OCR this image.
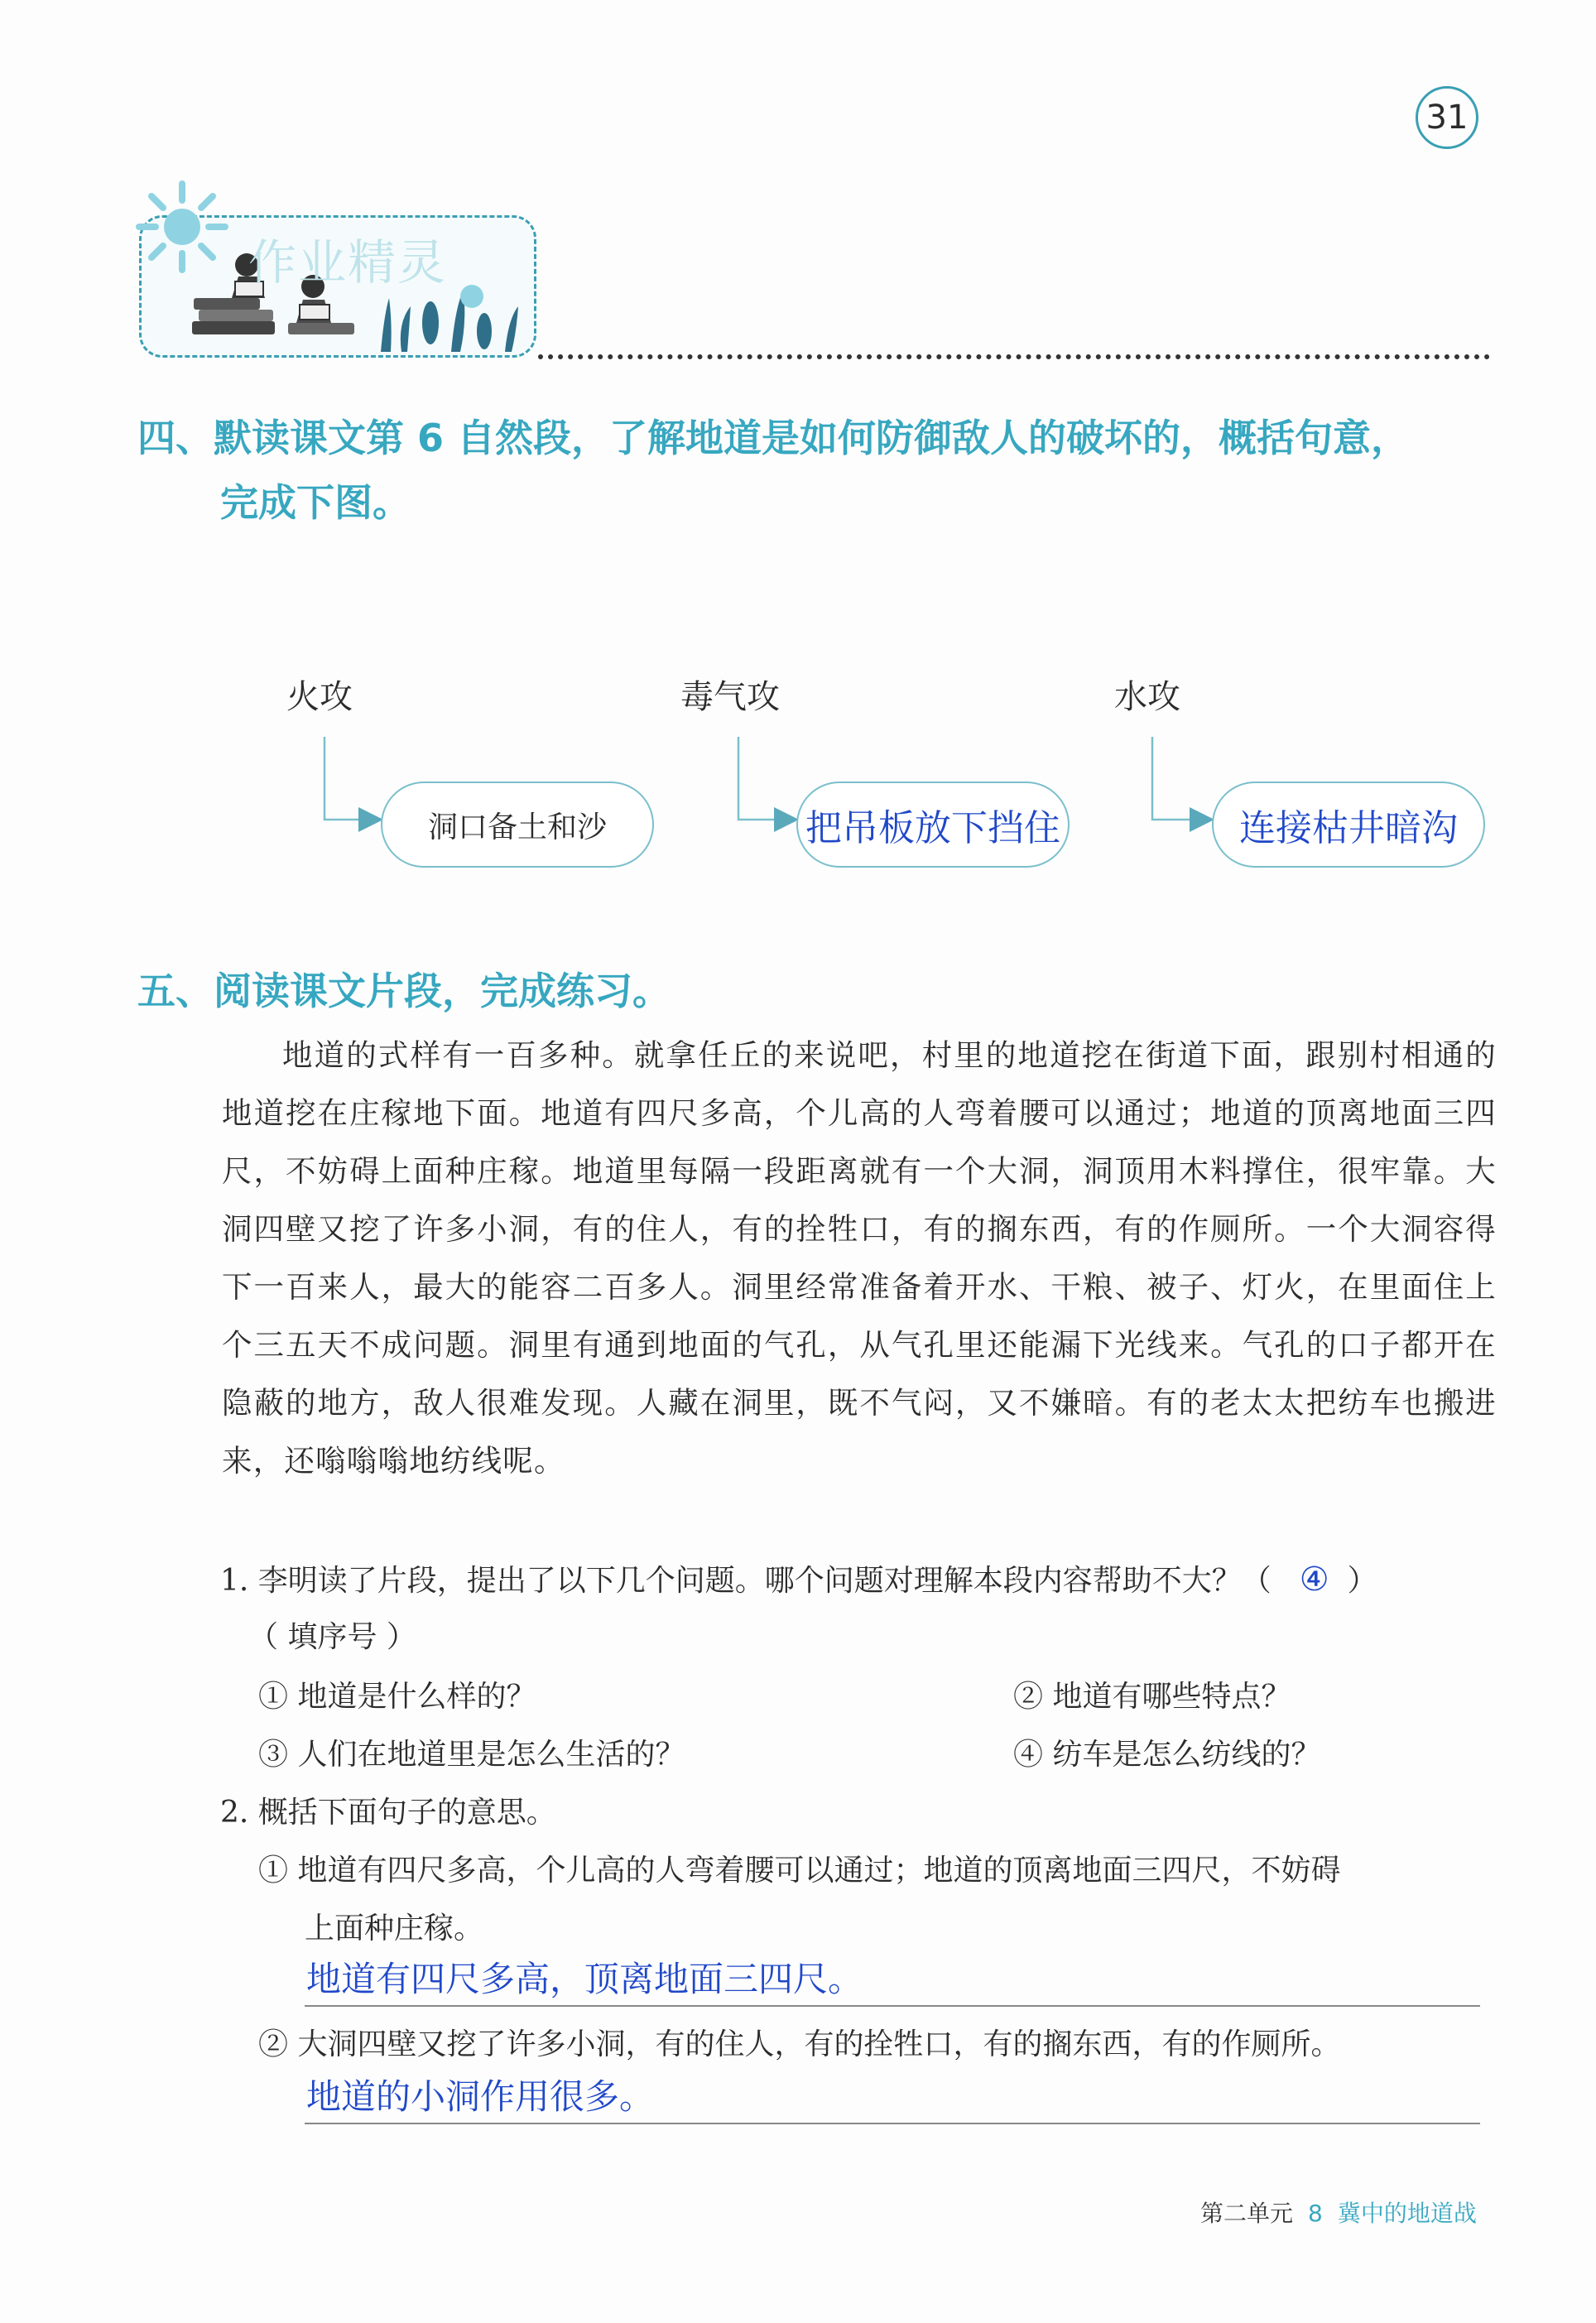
31
作业精灵
四、默读课文第 6 自然段，了解地道是如何防御敌人的破坏的，概括句意，
完成下图。
火攻	毒气攻	水攻
洞口备土和沙	把吊板放下挡住	连接枯井暗沟
五、阅读课文片段，完成练习。
地道的式样有一百多种。就拿任丘的来说吧，村里的地道挖在街道下面，跟别村相通的地道挖在庄稼地下面。地道有四尺多高，个儿高的人弯着腰可以通过；地道的顶离地面三四尺，不妨碍上面种庄稼。地道里每隔一段距离就有一个大洞，洞顶用木料撑住，很牢靠。大洞四壁又挖了许多小洞，有的住人，有的拴牲口，有的搁东西，有的作厕所。一个大洞容得下一百来人，最大的能容二百多人。洞里经常准备着开水、干粮、被子、灯火，在里面住上个三五天不成问题。洞里有通到地面的气孔，从气孔里还能漏下光线来。气孔的口子都开在隐蔽的地方，敌人很难发现。人藏在洞里，既不气闷，又不嫌暗。有的老太太把纺车也搬进来，还嗡嗡嗡地纺线呢。
1. 李明读了片段，提出了以下几个问题。哪个问题对理解本段内容帮助不大？（ ④ ）
（ 填序号 ）
① 地道是什么样的？	② 地道有哪些特点？
③ 人们在地道里是怎么生活的？	④ 纺车是怎么纺线的？
2. 概括下面句子的意思。
① 地道有四尺多高，个儿高的人弯着腰可以通过；地道的顶离地面三四尺，不妨碍
上面种庄稼。
地道有四尺多高，顶离地面三四尺。
② 大洞四壁又挖了许多小洞，有的住人，有的拴牲口，有的搁东西，有的作厕所。
地道的小洞作用很多。
第二单元 8 冀中的地道战
